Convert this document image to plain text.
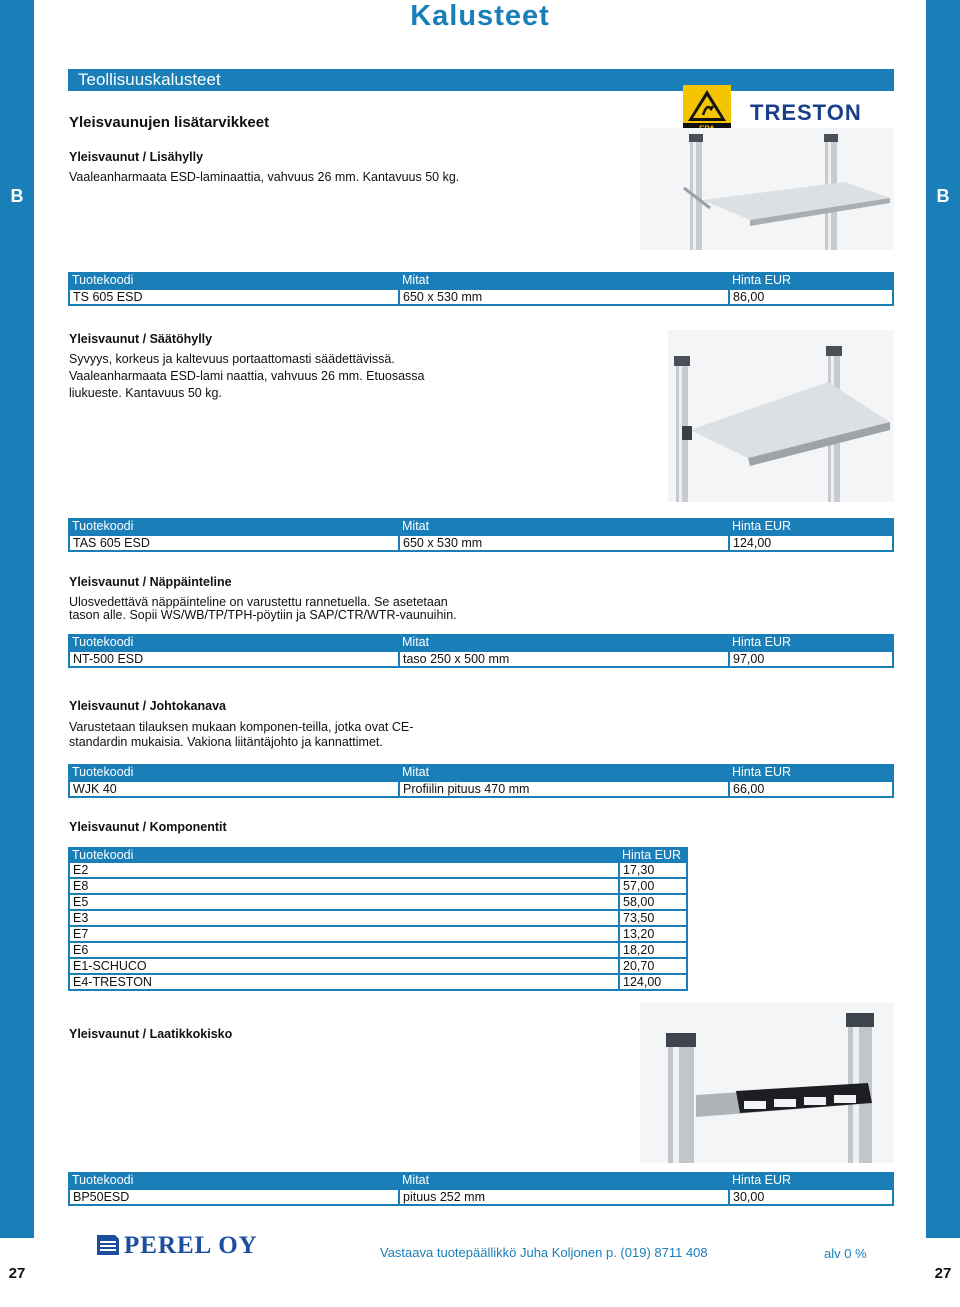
B	B
27	27
Kalusteet
Teollisuuskalusteet
Yleisvaunujen lisätarvikkeet	TRESTON
Yleisvaunut / Lisähylly
Vaaleanharmaata ESD-laminaattia, vahvuus 26 mm. Kantavuus 50 kg.
Tuotekoodi	Mitat	Hinta EUR
TS 605 ESD	650 x 530 mm	86,00
Yleisvaunut / Säätöhylly
Syvyys, korkeus ja kaltevuus portaattomasti säädettävissä.
Vaaleanharmaata ESD-lami naattia, vahvuus 26 mm. Etuosassa
liukueste. Kantavuus 50 kg.
Tuotekoodi	Mitat	Hinta EUR
TAS 605 ESD	650 x 530 mm	124,00
Yleisvaunut / Näppäinteline
Ulosvedettävä näppäinteline on varustettu rannetuella. Se asetetaan
tason alle. Sopii WS/WB/TP/TPH-pöytiin ja SAP/CTR/WTR-vaunuihin.
Tuotekoodi	Mitat	Hinta EUR
NT-500 ESD	taso 250 x 500 mm	97,00
Yleisvaunut / Johtokanava
Varustetaan tilauksen mukaan komponen-teilla, jotka ovat CE-
standardin mukaisia. Vakiona liitäntäjohto ja kannattimet.
Tuotekoodi	Mitat	Hinta EUR
WJK 40	Profiilin pituus 470 mm	66,00
Yleisvaunut / Komponentit
Tuotekoodi	Hinta EUR
E2	17,30
E8	57,00
E5	58,00
E3	73,50
E7	13,20
E6	18,20
E1-SCHUCO	20,70
E4-TRESTON	124,00
Yleisvaunut / Laatikkokisko
Tuotekoodi	Mitat	Hinta EUR
BP50ESD	pituus 252 mm	30,00
PEREL OY	Vastaava tuotepäällikkö Juha Koljonen p. (019) 8711 408	alv 0 %
